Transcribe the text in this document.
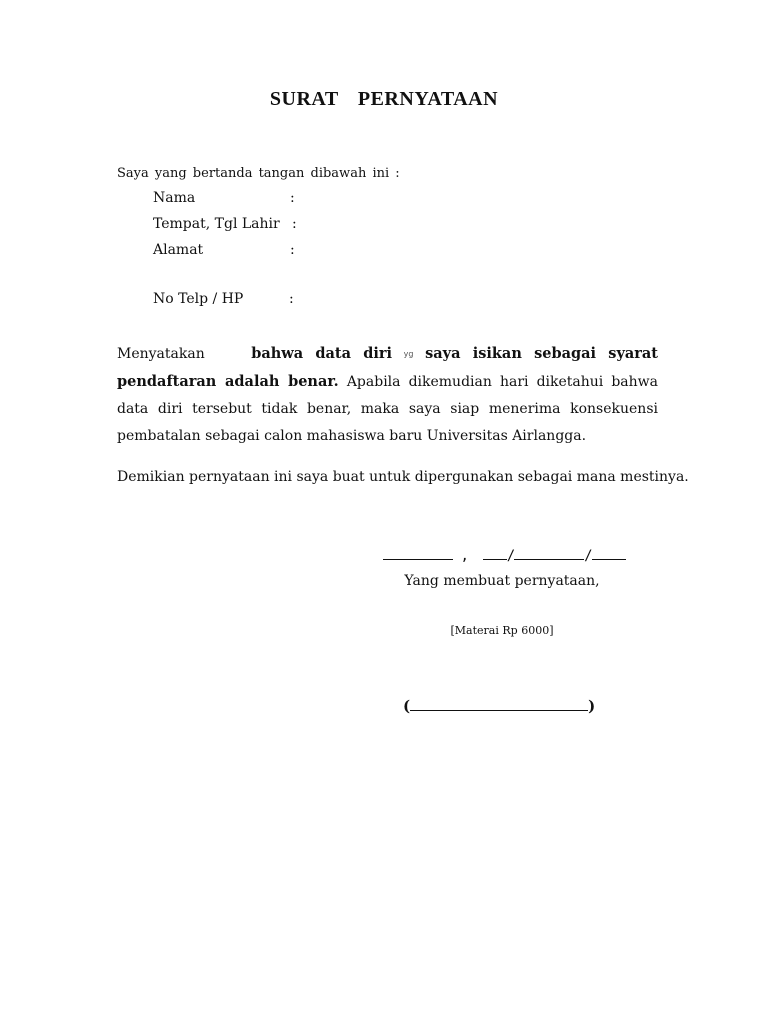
SURAT PERNYATAAN
Saya yang bertanda tangan dibawah ini :
Nama	:
Tempat, Tgl Lahir :
Alamat	:
No Telp / HP	:
Menyatakan	bahwa data diri yg saya isikan sebagai syarat pendaftaran adalah benar. Apabila dikemudian hari diketahui bahwa data diri tersebut tidak benar, maka saya siap menerima konsekuensi pembatalan sebagai calon mahasiswa baru Universitas Airlangga.
Demikian pernyataan ini saya buat untuk dipergunakan sebagai mana mestinya.
,	/	/
Yang membuat pernyataan,
[Materai Rp 6000]
(	)
